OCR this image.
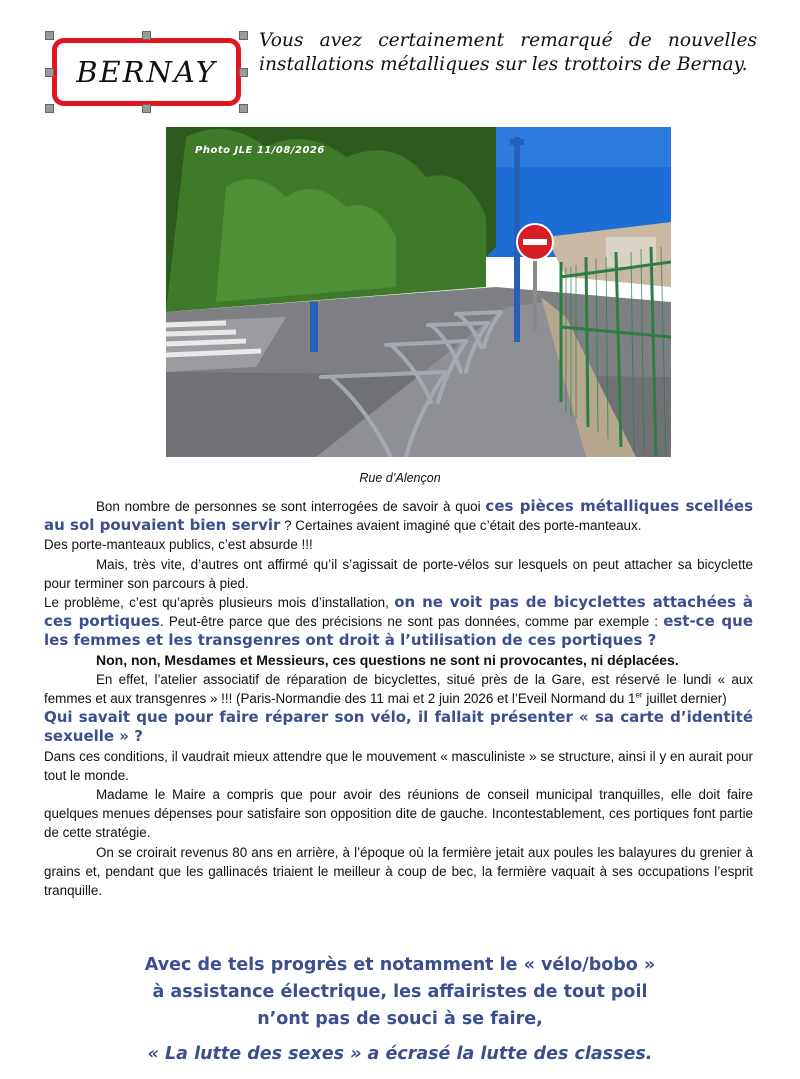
BERNAY
Vous avez certainement remarqué de nouvelles installations métalliques sur les trottoirs de Bernay.
Photo JLE 11/08/2026
Rue d’Alençon

Bon nombre de personnes se sont interrogées de savoir à quoi ces pièces métalliques scellées au sol pouvaient bien servir ? Certaines avaient imaginé que c’était des porte-manteaux.

Des porte-manteaux publics, c’est absurde !!!

Mais, très vite, d’autres ont affirmé qu’il s’agissait de porte-vélos sur lesquels on peut attacher sa bicyclette pour terminer son parcours à pied.

Le problème, c’est qu’après plusieurs mois d’installation, on ne voit pas de bicyclettes attachées à ces portiques. Peut-être parce que des précisions ne sont pas données, comme par exemple : est-ce que les femmes et les transgenres ont droit à l’utilisation de ces portiques ?

Non, non, Mesdames et Messieurs, ces questions ne sont ni provocantes, ni déplacées.

En effet, l’atelier associatif de réparation de bicyclettes, situé près de la Gare, est réservé le lundi « aux femmes et aux transgenres » !!! (Paris-Normandie des 11 mai et 2 juin 2026 et l’Eveil Normand du 1er juillet dernier)

Qui savait que pour faire réparer son vélo, il fallait présenter « sa carte d’identité sexuelle » ?

Dans ces conditions, il vaudrait mieux attendre que le mouvement « masculiniste » se structure, ainsi il y en aurait pour tout le monde.

Madame le Maire a compris que pour avoir des réunions de conseil municipal tranquilles, elle doit faire quelques menues dépenses pour satisfaire son opposition dite de gauche. Incontestablement, ces portiques font partie de cette stratégie.

On se croirait revenus 80 ans en arrière, à l’époque où la fermière jetait aux poules les balayures du grenier à grains et, pendant que les gallinacés triaient le meilleur à coup de bec, la fermière vaquait à ses occupations l’esprit tranquille.

Avec de tels progrès et notamment le « vélo/bobo »
à assistance électrique, les affairistes de tout poil
n’ont pas de souci à se faire,
« La lutte des sexes » a écrasé la lutte des classes.
